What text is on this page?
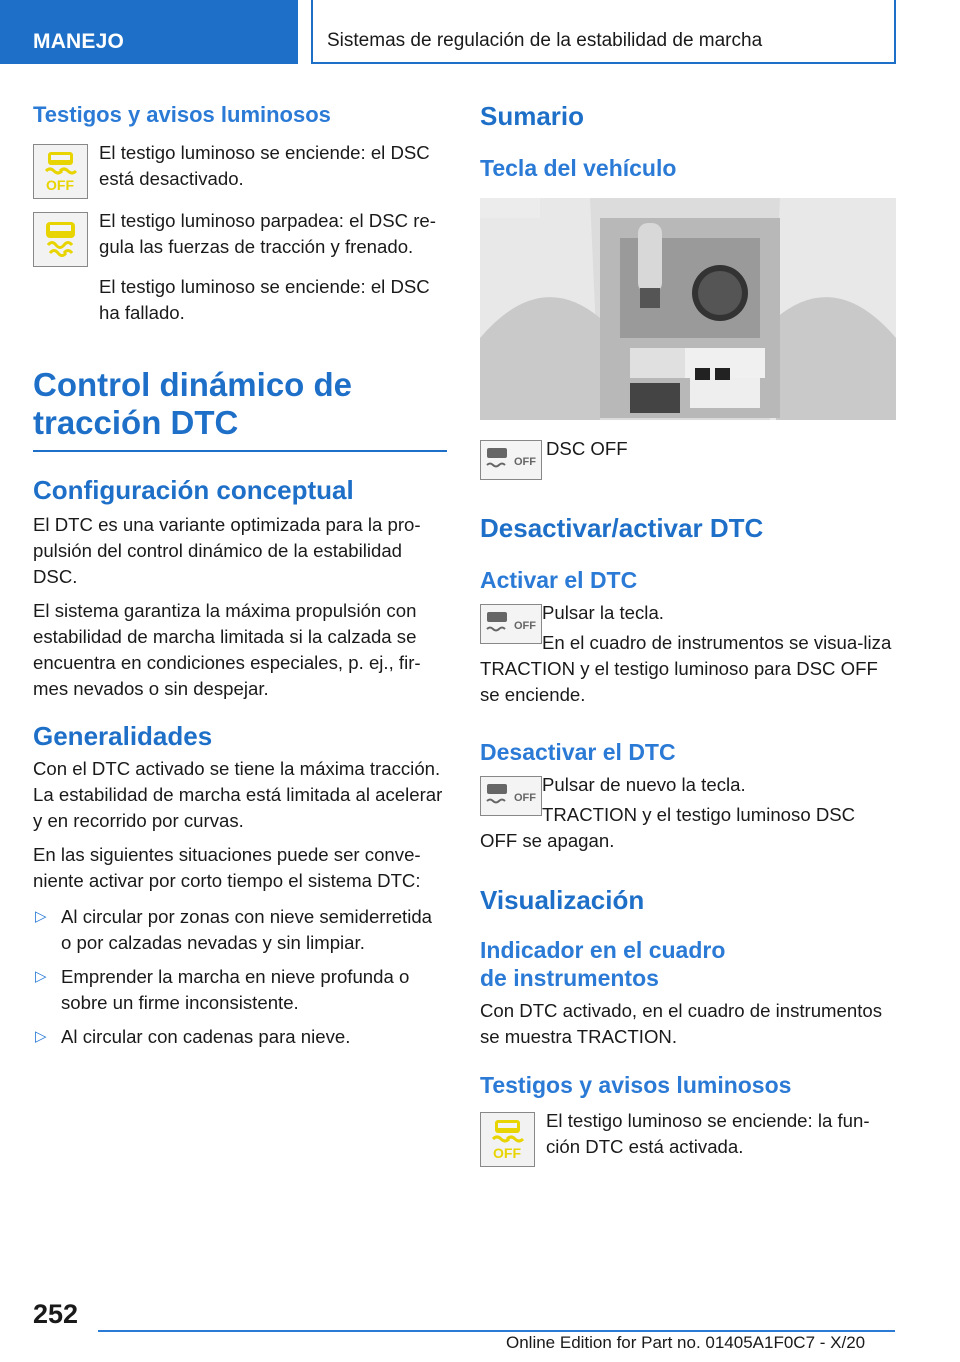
MANEJO	Sistemas de regulación de la estabilidad de marcha
Testigos y avisos luminosos
OFF

El testigo luminoso se enciende: el DSC está desactivado.

El testigo luminoso parpadea: el DSC re-gula las fuerzas de tracción y frenado.

El testigo luminoso se enciende: el DSC ha fallado.

Control dinámico de
tracción DTC
Configuración conceptual

El DTC es una variante optimizada para la pro-pulsión del control dinámico de la estabilidad DSC.

El sistema garantiza la máxima propulsión con estabilidad de marcha limitada si la calzada se encuentra en condiciones especiales, p. ej., fir-mes nevados o sin despejar.

Generalidades

Con el DTC activado se tiene la máxima tracción. La estabilidad de marcha está limitada al acelerar y en recorrido por curvas.

En las siguientes situaciones puede ser conve-niente activar por corto tiempo el sistema DTC:

▷ Al circular por zonas con nieve semiderretida o por calzadas nevadas y sin limpiar.
▷ Emprender la marcha en nieve profunda o sobre un firme inconsistente.
▷ Al circular con cadenas para nieve.
Sumario
Tecla del vehículo
OFF

DSC OFF

Desactivar/activar DTC
Activar el DTC
OFF

Pulsar la tecla.

En el cuadro de instrumentos se visua-liza TRACTION y el testigo luminoso para DSC OFF se enciende.

Desactivar el DTC
OFF

Pulsar de nuevo la tecla.

TRACTION y el testigo luminoso DSC OFF se apagan.

Visualización
Indicador en el cuadro
de instrumentos

Con DTC activado, en el cuadro de instrumentos se muestra TRACTION.

Testigos y avisos luminosos
OFF

El testigo luminoso se enciende: la fun-ción DTC está activada.

252
Online Edition for Part no. 01405A1F0C7 - X/20
